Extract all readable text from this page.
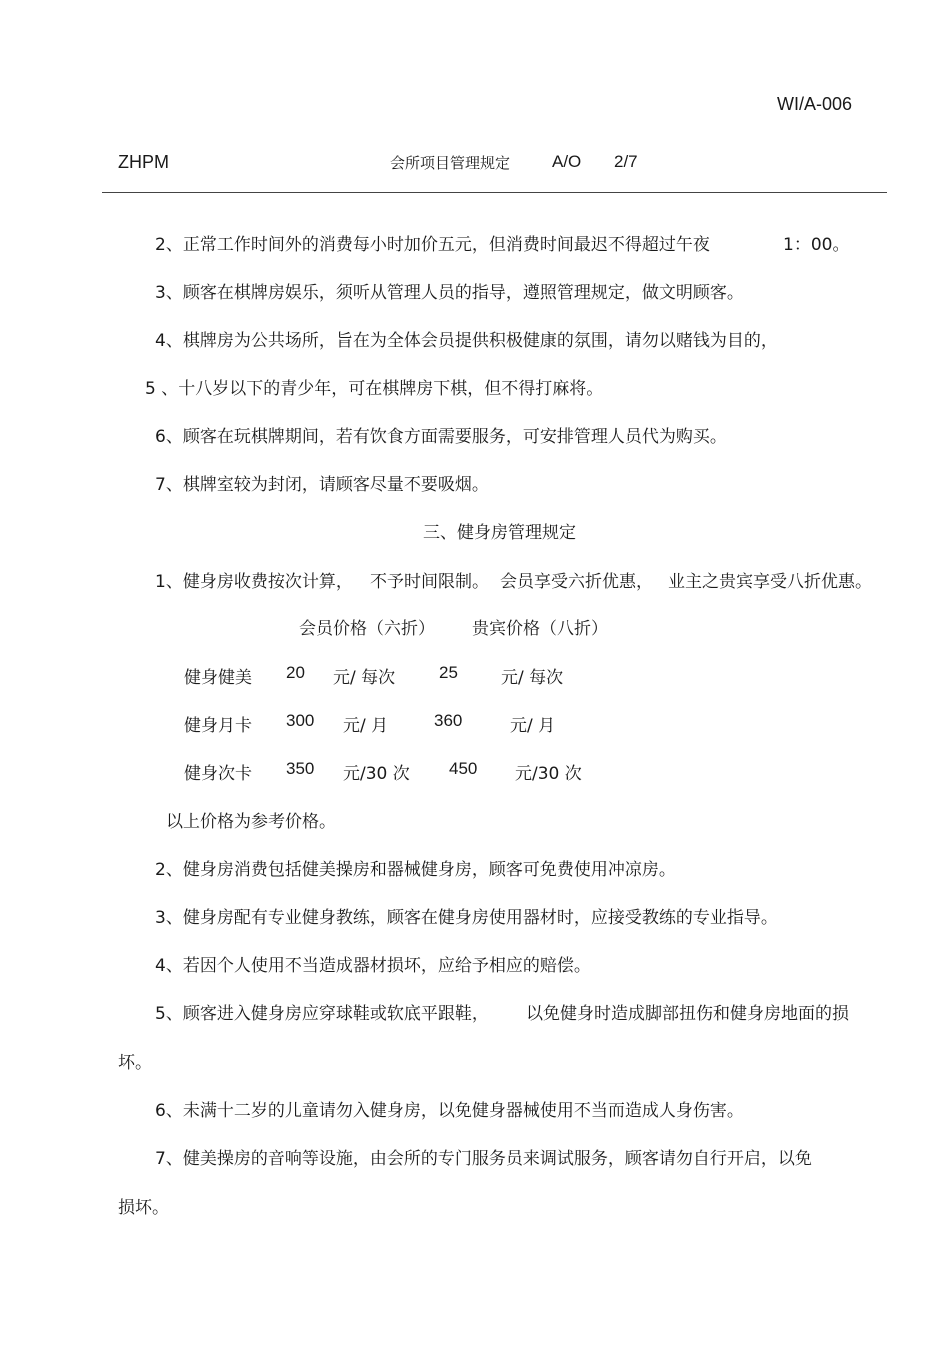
WI/A-006
ZHPM	会所项目管理规定 A/O 2/7
2、正常工作时间外的消费每小时加价五元，但消费时间最迟不得超过午夜	1：00。
3、顾客在棋牌房娱乐，须听从管理人员的指导，遵照管理规定，做文明顾客。
4、棋牌房为公共场所，旨在为全体会员提供积极健康的氛围，请勿以赌钱为目的，
5 、十八岁以下的青少年，可在棋牌房下棋，但不得打麻将。
6、顾客在玩棋牌期间，若有饮食方面需要服务，可安排管理人员代为购买。
7、棋牌室较为封闭，请顾客尽量不要吸烟。
三、健身房管理规定
1、健身房收费按次计算， 不予时间限制。 会员享受六折优惠， 业主之贵宾享受八折优惠。
会员价格（六折） 贵宾价格（八折）
健身健美 20 元/ 每次	25	元/ 每次
健身月卡 300 元/ 月	360	元/ 月
健身次卡 350 元/30 次 450 元/30 次
以上价格为参考价格。
2、健身房消费包括健美操房和器械健身房，顾客可免费使用冲凉房。
3、健身房配有专业健身教练，顾客在健身房使用器材时，应接受教练的专业指导。
4、若因个人使用不当造成器材损坏，应给予相应的赔偿。
5、顾客进入健身房应穿球鞋或软底平跟鞋， 以免健身时造成脚部扭伤和健身房地面的损
坏。
6、未满十二岁的儿童请勿入健身房，以免健身器械使用不当而造成人身伤害。
7、健美操房的音响等设施，由会所的专门服务员来调试服务，顾客请勿自行开启，以免
损坏。
